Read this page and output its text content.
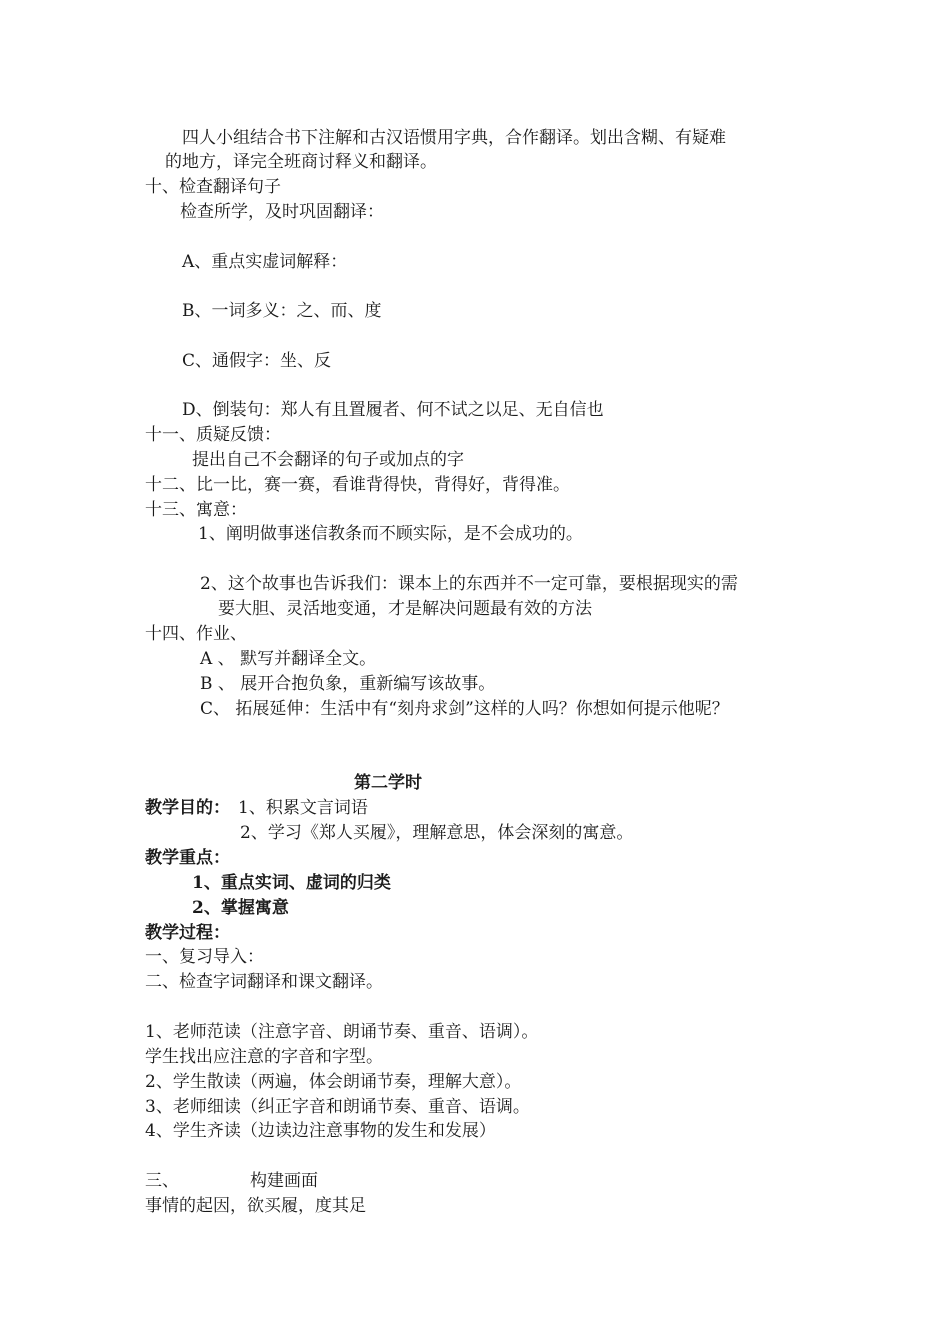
四人小组结合书下注解和古汉语惯用字典，合作翻译。划出含糊、有疑难
的地方，译完全班商讨释义和翻译。
十、检查翻译句子
检查所学，及时巩固翻译：
A、重点实虚词解释：
B、一词多义：之、而、度
C、通假字：坐、反
D、倒装句：郑人有且置履者、何不试之以足、无自信也
十一、质疑反馈：
提出自己不会翻译的句子或加点的字
十二、比一比，赛一赛，看谁背得快，背得好，背得准。
十三、寓意：
1、阐明做事迷信教条而不顾实际，是不会成功的。
2、这个故事也告诉我们：课本上的东西并不一定可靠，要根据现实的需
要大胆、灵活地变通，才是解决问题最有效的方法
十四、作业、
A 、 默写并翻译全文。
B 、 展开合抱负象，重新编写该故事。
C、 拓展延伸：生活中有“刻舟求剑”这样的人吗？你想如何提示他呢？
第二学时
教学目的： 1、积累文言词语
2、学习《郑人买履》，理解意思，体会深刻的寓意。
教学重点：
1、重点实词、虚词的归类
2、掌握寓意
教学过程：
一、复习导入：
二、检查字词翻译和课文翻译。
1、老师范读（注意字音、朗诵节奏、重音、语调）。
学生找出应注意的字音和字型。
2、学生散读（两遍，体会朗诵节奏，理解大意）。
3、老师细读（纠正字音和朗诵节奏、重音、语调。
4、学生齐读（边读边注意事物的发生和发展）
三、	构建画面
事情的起因，欲买履，度其足
